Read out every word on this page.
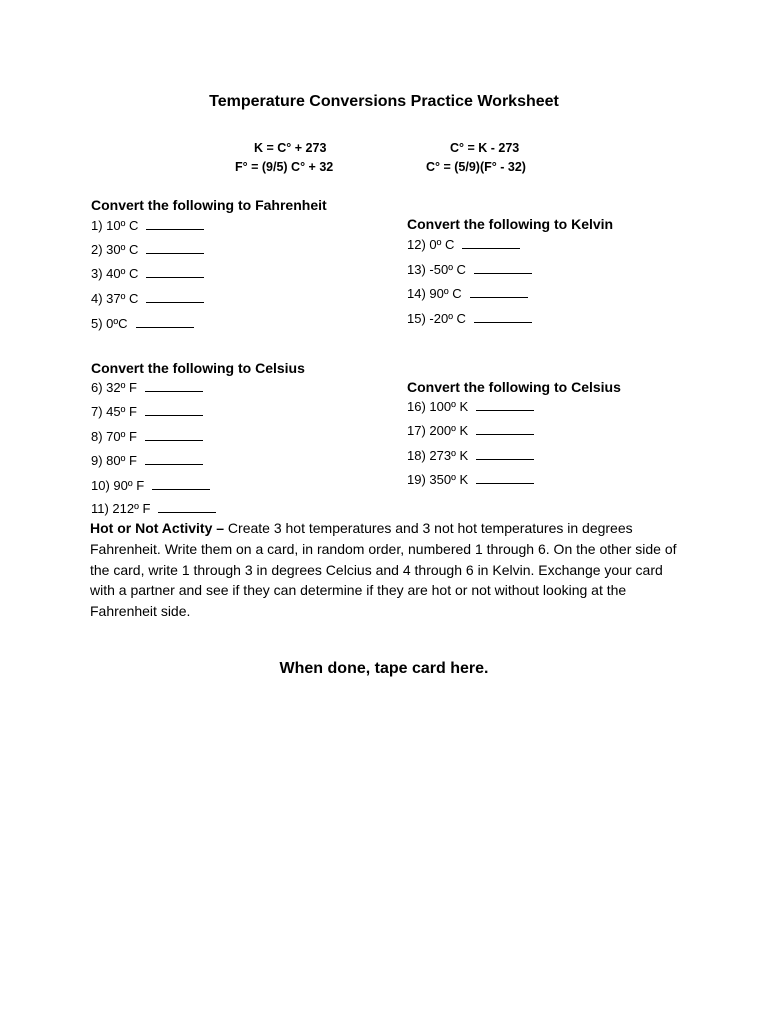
Temperature Conversions Practice Worksheet
K = C° + 273
F° = (9/5) C° + 32
C° = K - 273
C° = (5/9)(F° - 32)
Convert the following to Fahrenheit
1) 10º C
2) 30º C
3) 40º C
4) 37º C
5) 0ºC
Convert the following to Kelvin
12) 0º C
13) -50º C
14) 90º C
15) -20º C
Convert the following to Celsius
6) 32º F
7) 45º F
8) 70º F
9) 80º F
10) 90º F
11) 212º F
Convert the following to Celsius
16) 100º K
17) 200º K
18) 273º K
19) 350º K
Hot or Not Activity – Create 3 hot temperatures and 3 not hot temperatures in degrees Fahrenheit. Write them on a card, in random order, numbered 1 through 6. On the other side of the card, write 1 through 3 in degrees Celcius and 4 through 6 in Kelvin. Exchange your card with a partner and see if they can determine if they are hot or not without looking at the Fahrenheit side.
When done, tape card here.
